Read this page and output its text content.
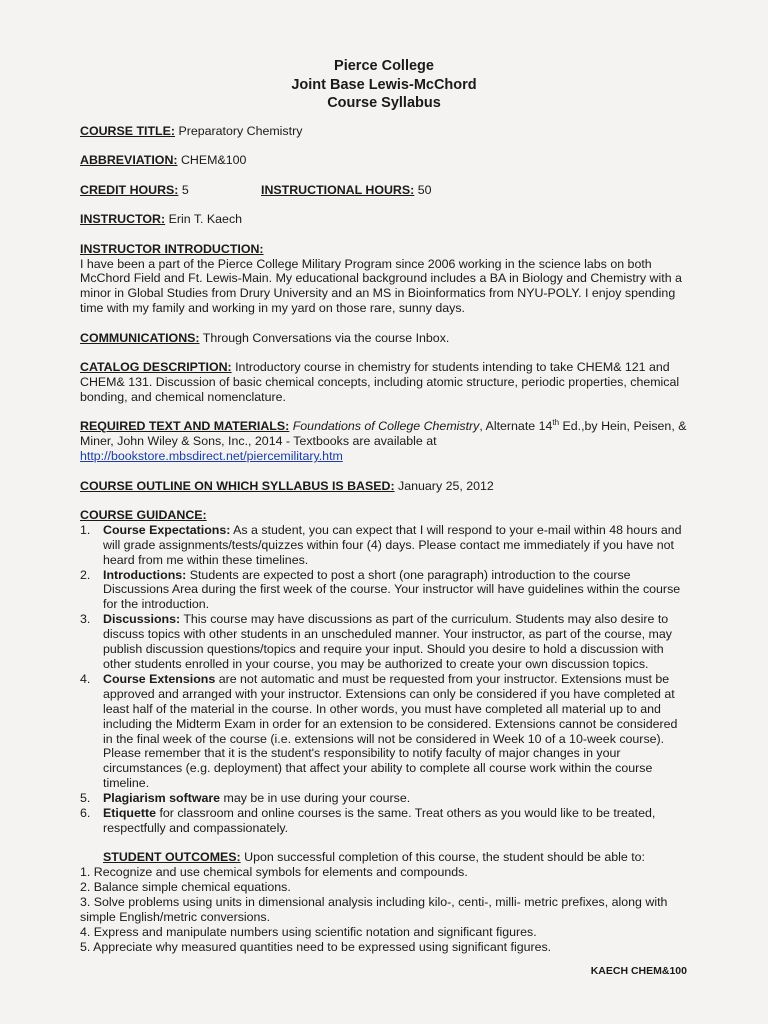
Pierce College
Joint Base Lewis-McChord
Course Syllabus
COURSE TITLE: Preparatory Chemistry
ABBREVIATION: CHEM&100
CREDIT HOURS: 5	INSTRUCTIONAL HOURS: 50
INSTRUCTOR: Erin T. Kaech
INSTRUCTOR INTRODUCTION:

I have been a part of the Pierce College Military Program since 2006 working in the science labs on both McChord Field and Ft. Lewis-Main. My educational background includes a BA in Biology and Chemistry with a minor in Global Studies from Drury University and an MS in Bioinformatics from NYU-POLY. I enjoy spending time with my family and working in my yard on those rare, sunny days.

COMMUNICATIONS: Through Conversations via the course Inbox.
CATALOG DESCRIPTION: Introductory course in chemistry for students intending to take CHEM& 121 and CHEM& 131. Discussion of basic chemical concepts, including atomic structure, periodic properties, chemical bonding, and chemical nomenclature.
REQUIRED TEXT AND MATERIALS: Foundations of College Chemistry, Alternate 14th Ed.,by Hein, Peisen, & Miner, John Wiley & Sons, Inc., 2014 - Textbooks are available at http://bookstore.mbsdirect.net/piercemilitary.htm
COURSE OUTLINE ON WHICH SYLLABUS IS BASED: January 25, 2012
COURSE GUIDANCE:
1.	Course Expectations: As a student, you can expect that I will respond to your e-mail within 48 hours and will grade assignments/tests/quizzes within four (4) days. Please contact me immediately if you have not heard from me within these timelines.
2.	Introductions: Students are expected to post a short (one paragraph) introduction to the course Discussions Area during the first week of the course. Your instructor will have guidelines within the course for the introduction.
3.	Discussions: This course may have discussions as part of the curriculum. Students may also desire to discuss topics with other students in an unscheduled manner. Your instructor, as part of the course, may publish discussion questions/topics and require your input. Should you desire to hold a discussion with other students enrolled in your course, you may be authorized to create your own discussion topics.
4.	Course Extensions are not automatic and must be requested from your instructor. Extensions must be approved and arranged with your instructor. Extensions can only be considered if you have completed at least half of the material in the course. In other words, you must have completed all material up to and including the Midterm Exam in order for an extension to be considered. Extensions cannot be considered in the final week of the course (i.e. extensions will not be considered in Week 10 of a 10-week course). Please remember that it is the student's responsibility to notify faculty of major changes in your circumstances (e.g. deployment) that affect your ability to complete all course work within the course timeline.
5.	Plagiarism software may be in use during your course.
6.	Etiquette for classroom and online courses is the same. Treat others as you would like to be treated, respectfully and compassionately.
STUDENT OUTCOMES: Upon successful completion of this course, the student should be able to:
1. Recognize and use chemical symbols for elements and compounds.
2. Balance simple chemical equations.
3. Solve problems using units in dimensional analysis including kilo-, centi-, milli- metric prefixes, along with simple English/metric conversions.
4. Express and manipulate numbers using scientific notation and significant figures.
5. Appreciate why measured quantities need to be expressed using significant figures.
KAECH CHEM&100
